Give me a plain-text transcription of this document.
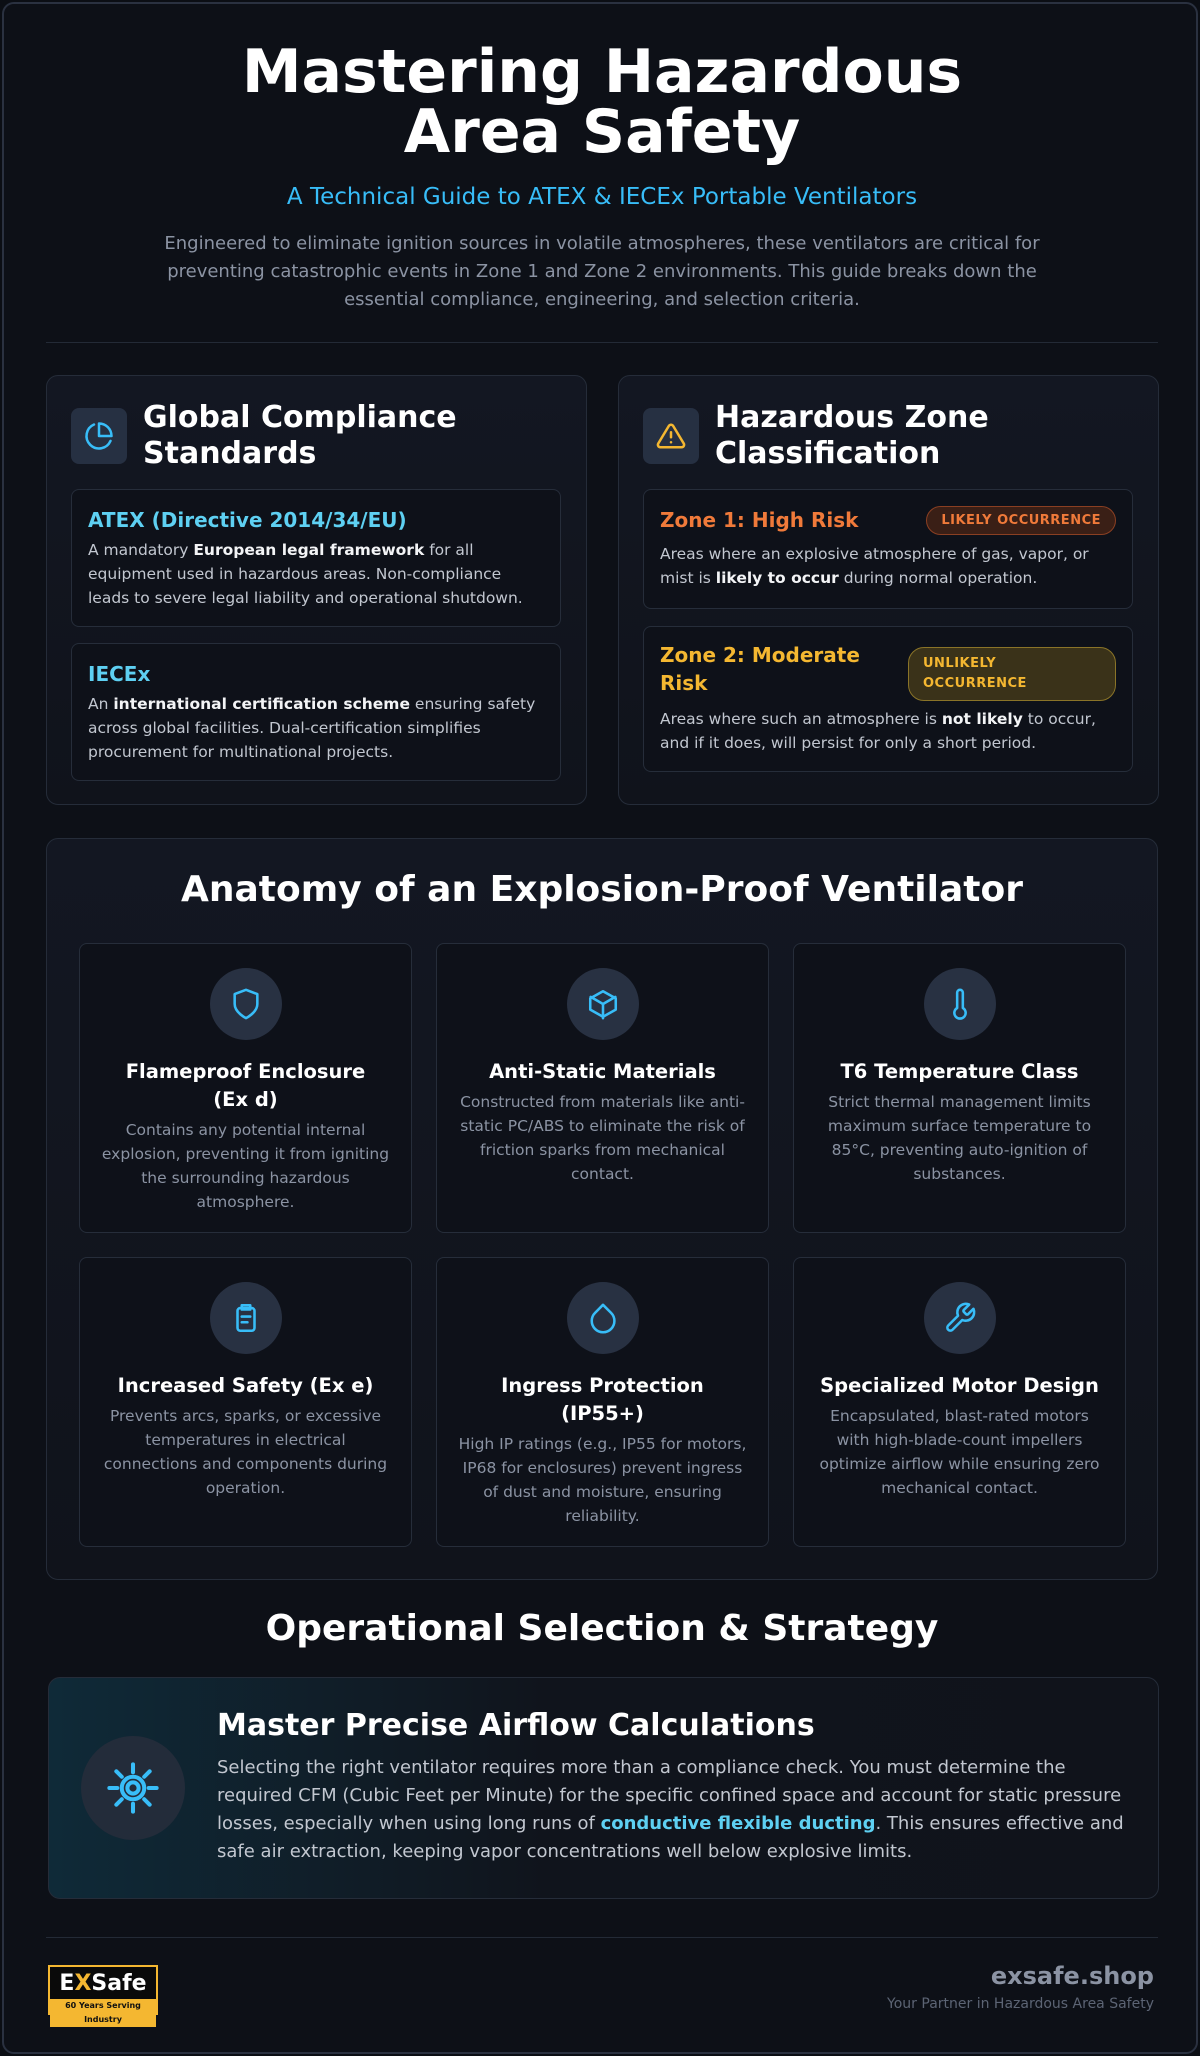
Mastering Hazardous Area Safety
A Technical Guide to ATEX & IECEx Portable Ventilators
Engineered to eliminate ignition sources in volatile atmospheres, these ventilators are critical for preventing catastrophic events in Zone 1 and Zone 2 environments. This guide breaks down the essential compliance, engineering, and selection criteria.
Global Compliance Standards
ATEX (Directive 2014/34/EU)
A mandatory European legal framework for all equipment used in hazardous areas. Non-compliance leads to severe legal liability and operational shutdown.
IECEx
An international certification scheme ensuring safety across global facilities. Dual-certification simplifies procurement for multinational projects.
Hazardous Zone Classification
Zone 1: High Risk	LIKELY OCCURRENCE
Areas where an explosive atmosphere of gas, vapor, or mist is likely to occur during normal operation.
Zone 2: Moderate Risk
UNLIKELY OCCURRENCE
Areas where such an atmosphere is not likely to occur, and if it does, will persist for only a short period.
Anatomy of an Explosion-Proof Ventilator
Flameproof Enclosure (Ex d)
Contains any potential internal explosion, preventing it from igniting the surrounding hazardous atmosphere.
Anti-Static Materials
Constructed from materials like anti-static PC/ABS to eliminate the risk of friction sparks from mechanical contact.
T6 Temperature Class
Strict thermal management limits maximum surface temperature to 85°C, preventing auto-ignition of substances.
Increased Safety (Ex e)
Prevents arcs, sparks, or excessive temperatures in electrical connections and components during operation.
Ingress Protection (IP55+)
High IP ratings (e.g., IP55 for motors, IP68 for enclosures) prevent ingress of dust and moisture, ensuring reliability.
Specialized Motor Design
Encapsulated, blast-rated motors with high-blade-count impellers optimize airflow while ensuring zero mechanical contact.
Operational Selection & Strategy
Master Precise Airflow Calculations
Selecting the right ventilator requires more than a compliance check. You must determine the required CFM (Cubic Feet per Minute) for the specific confined space and account for static pressure losses, especially when using long runs of conductive flexible ducting. This ensures effective and safe air extraction, keeping vapor concentrations well below explosive limits.
EXSafe
60 Years Serving Industry
exsafe.shop
Your Partner in Hazardous Area Safety
